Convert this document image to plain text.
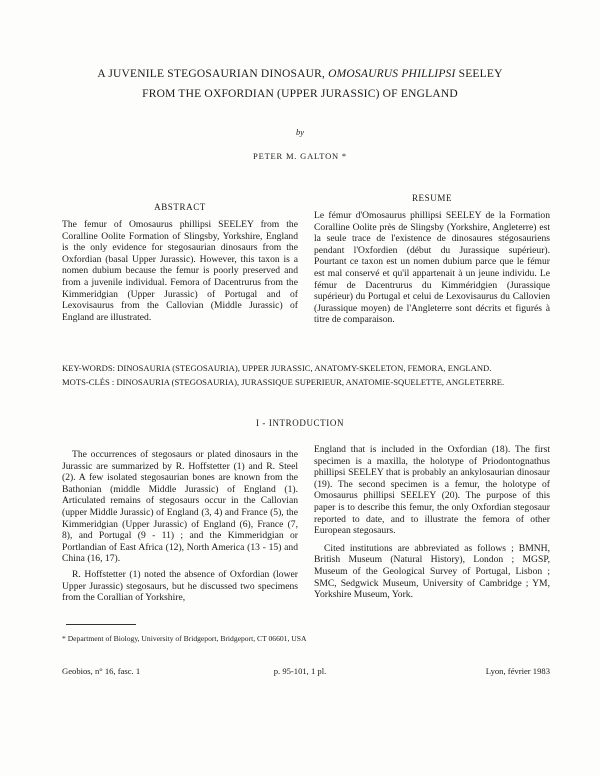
A JUVENILE STEGOSAURIAN DINOSAUR, OMOSAURUS PHILLIPSI SEELEY
FROM THE OXFORDIAN (UPPER JURASSIC) OF ENGLAND
by
PETER M. GALTON *
ABSTRACT

The femur of Omosaurus phillipsi SEELEY from the Coralline Oolite Formation of Slingsby, Yorkshire, England is the only evidence for stegosaurian dinosaurs from the Oxfordian (basal Upper Jurassic). However, this taxon is a nomen dubium because the femur is poorly preserved and from a juvenile individual. Femora of Dacentrurus from the Kimmeridgian (Upper Jurassic) of Portugal and of Lexovisaurus from the Callovian (Middle Jurassic) of England are illustrated.

RESUME

Le fémur d'Omosaurus phillipsi SEELEY de la Formation Coralline Oolite près de Slingsby (Yorkshire, Angleterre) est la seule trace de l'existence de dinosaures stégosauriens pendant l'Oxfordien (début du Jurassique supérieur). Pourtant ce taxon est un nomen dubium parce que le fémur est mal conservé et qu'il appartenait à un jeune individu. Le fémur de Dacentrurus du Kimméridgien (Jurassique supérieur) du Portugal et celui de Lexovisaurus du Callovien (Jurassique moyen) de l'Angleterre sont décrits et figurés à titre de comparaison.

KEY-WORDS: DINOSAURIA (STEGOSAURIA), UPPER JURASSIC, ANATOMY-SKELETON, FEMORA, ENGLAND.
MOTS-CLÉS : DINOSAURIA (STEGOSAURIA), JURASSIQUE SUPERIEUR, ANATOMIE-SQUELETTE, ANGLETERRE.
I - INTRODUCTION

The occurrences of stegosaurs or plated dinosaurs in the Jurassic are summarized by R. Hoffstetter (1) and R. Steel (2). A few isolated stegosaurian bones are known from the Bathonian (middle Middle Jurassic) of England (1). Articulated remains of stegosaurs occur in the Callovian (upper Middle Jurassic) of England (3, 4) and France (5), the Kimmeridgian (Upper Jurassic) of England (6), France (7, 8), and Portugal (9 - 11) ; and the Kimmeridgian or Portlandian of East Africa (12), North America (13 - 15) and China (16, 17).

R. Hoffstetter (1) noted the absence of Oxfordian (lower Upper Jurassic) stegosaurs, but he discussed two specimens from the Corallian of Yorkshire,

England that is included in the Oxfordian (18). The first specimen is a maxilla, the holotype of Priodontognathus phillipsi SEELEY that is probably an ankylosaurian dinosaur (19). The second specimen is a femur, the holotype of Omosaurus phillipsi SEELEY (20). The purpose of this paper is to describe this femur, the only Oxfordian stegosaur reported to date, and to illustrate the femora of other European stegosaurs.

Cited institutions are abbreviated as follows ; BMNH, British Museum (Natural History), London ; MGSP, Museum of the Geological Survey of Portugal, Lisbon ; SMC, Sedgwick Museum, University of Cambridge ; YM, Yorkshire Museum, York.

* Department of Biology, University of Bridgeport, Bridgeport, CT 06601, USA
Geobios, n° 16, fasc. 1	p. 95-101, 1 pl.	Lyon, février 1983
